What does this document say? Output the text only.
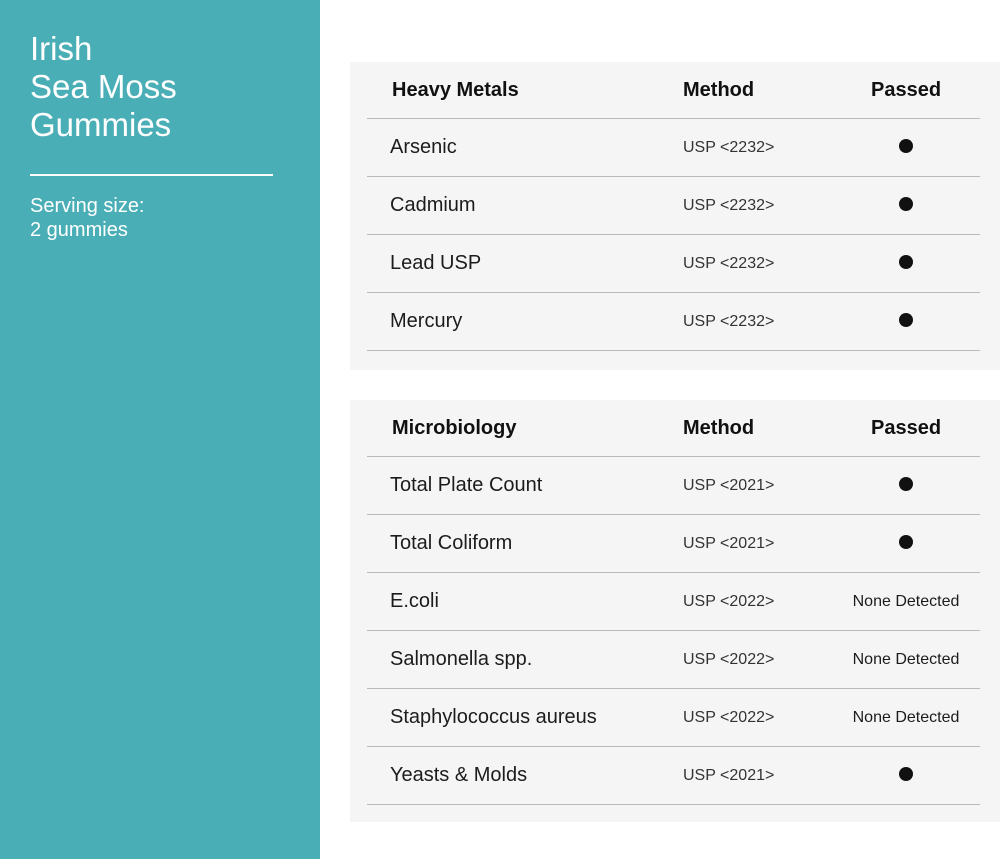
Irish
Sea Moss
Gummies
Serving size:
2 gummies
Heavy Metals	Method	Passed
Arsenic	USP <2232>
Cadmium	USP <2232>
Lead USP	USP <2232>
Mercury	USP <2232>
Microbiology	Method	Passed
Total Plate Count	USP <2021>
Total Coliform	USP <2021>
E.coli	USP <2022>	None Detected
Salmonella spp.	USP <2022>	None Detected
Staphylococcus aureus	USP <2022>	None Detected
Yeasts & Molds	USP <2021>
